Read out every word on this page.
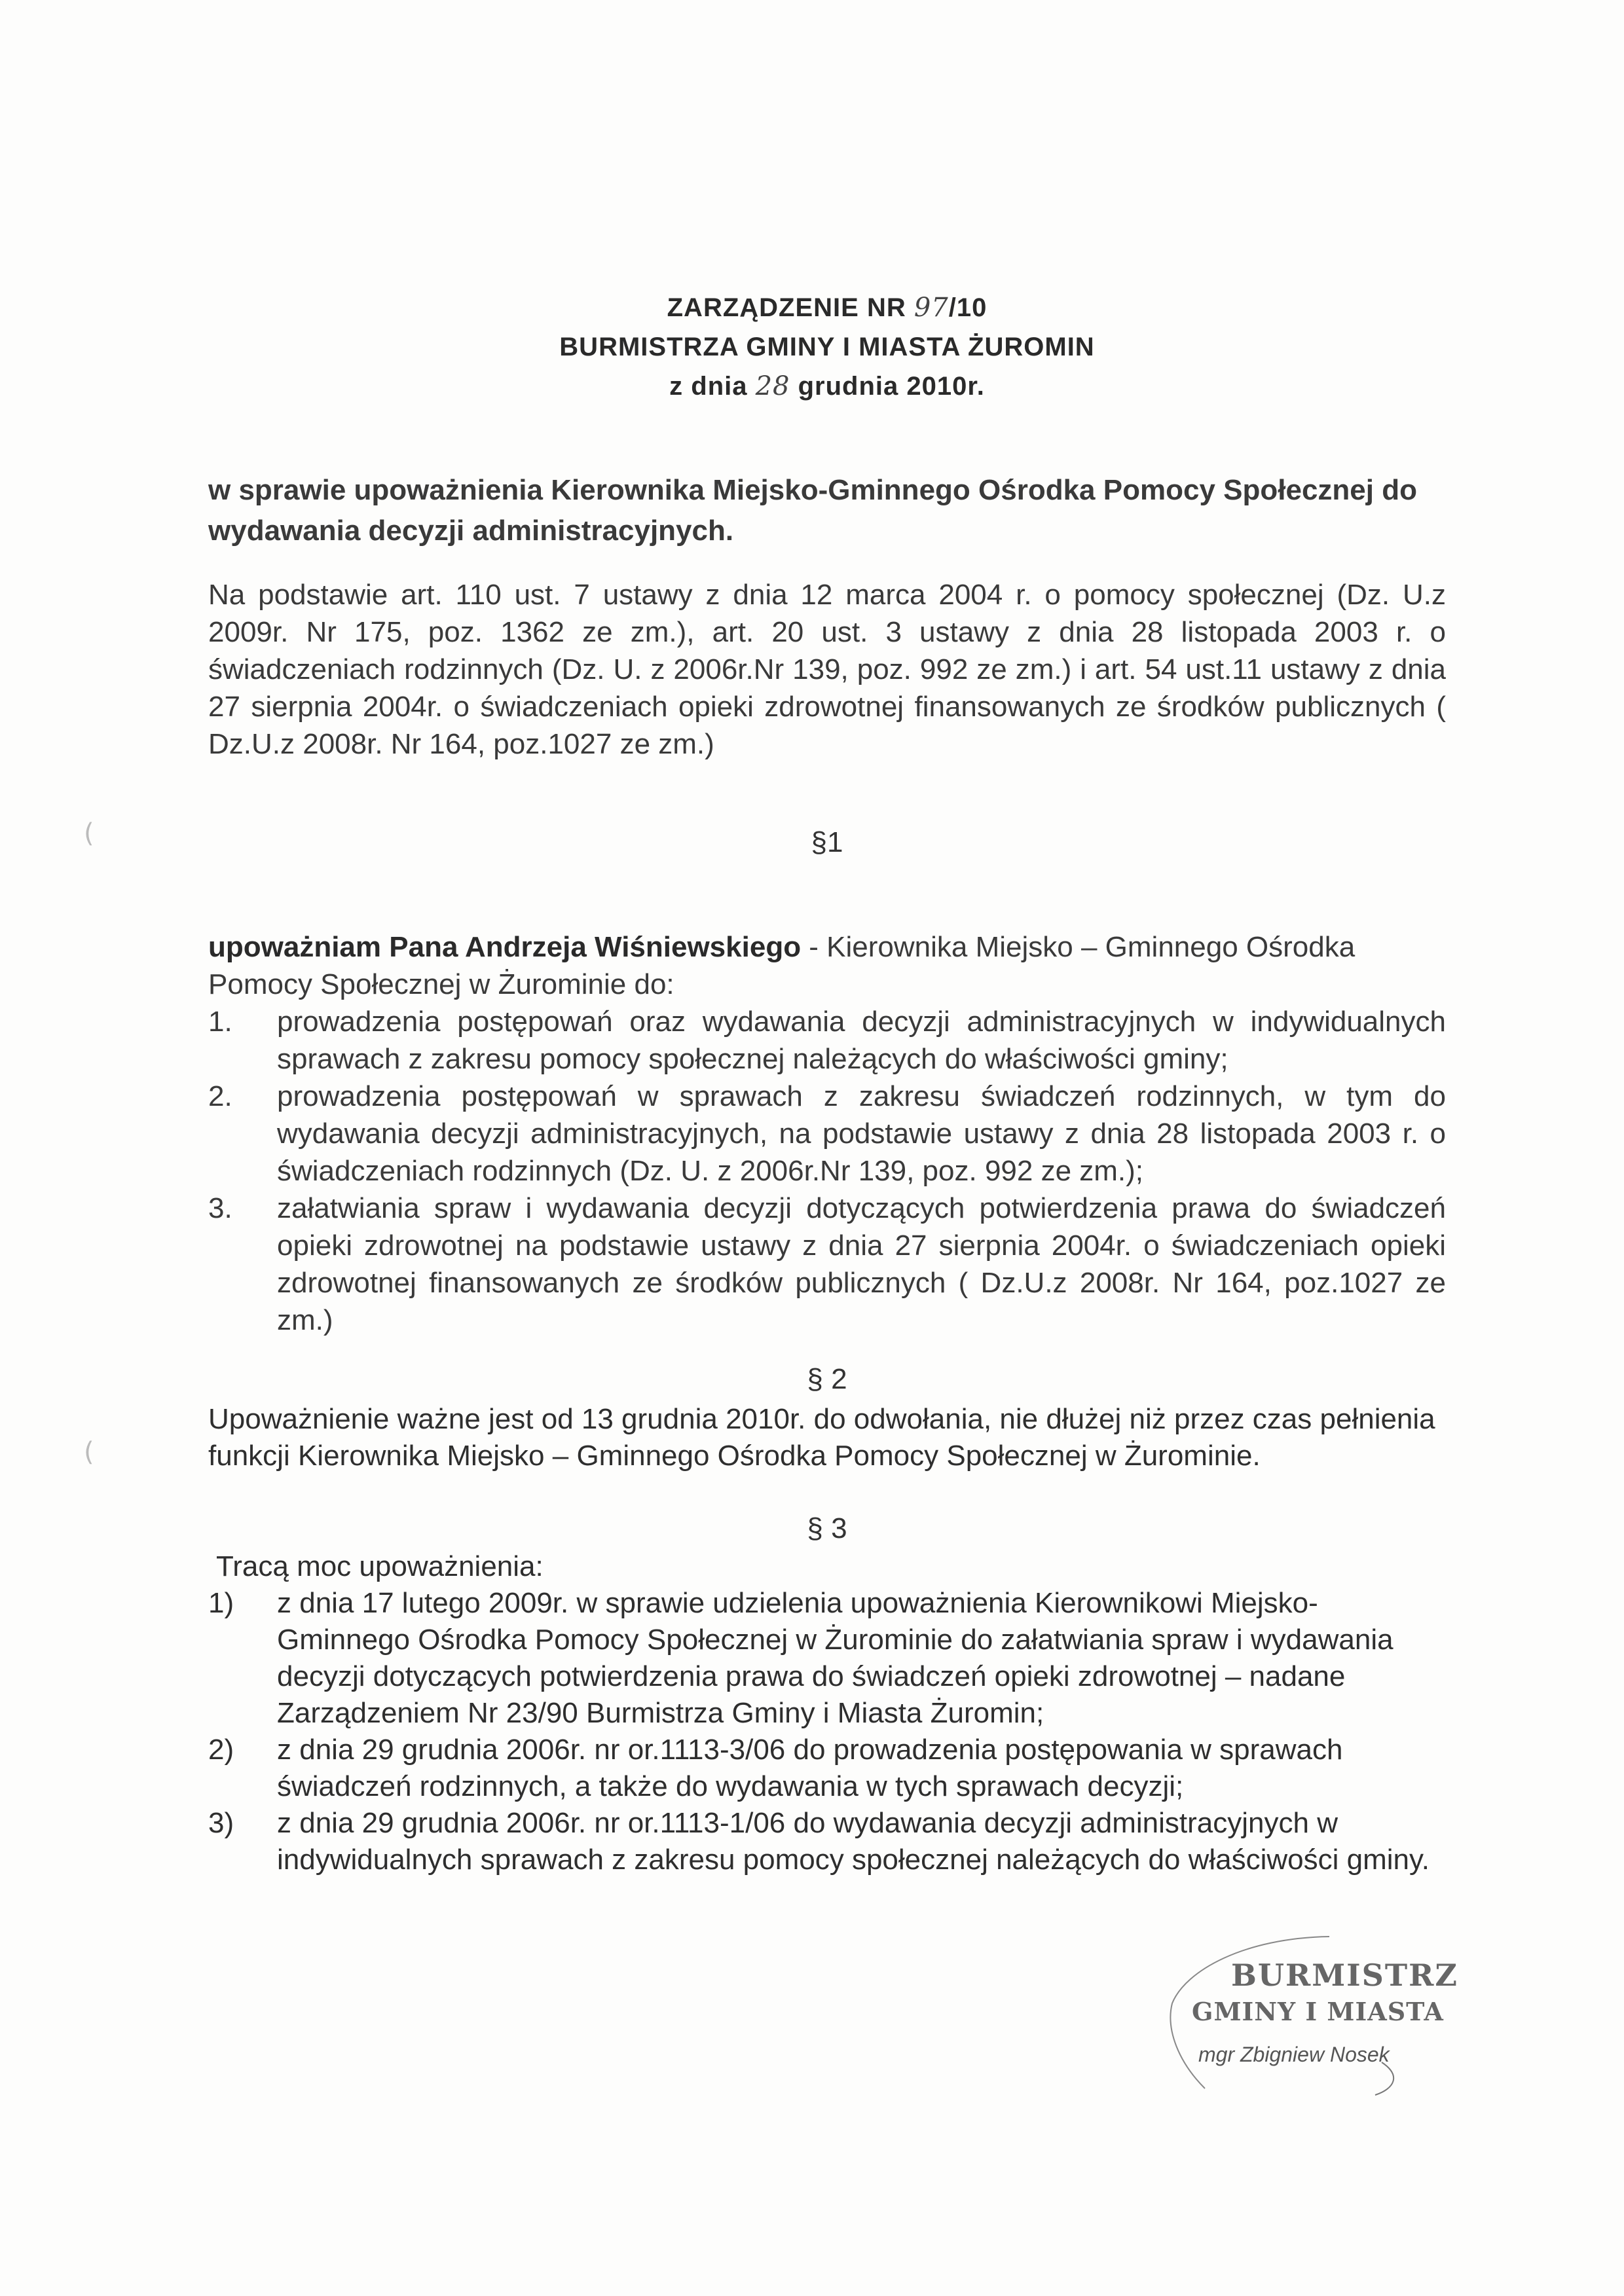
(
(
ZARZĄDZENIE NR 97/10
BURMISTRZA GMINY I MIASTA ŻUROMIN
z dnia 28 grudnia 2010r.
w sprawie upoważnienia Kierownika Miejsko-Gminnego Ośrodka Pomocy Społecznej do wydawania decyzji administracyjnych.
Na podstawie art. 110 ust. 7 ustawy z dnia 12 marca 2004 r. o pomocy społecznej (Dz. U.z 2009r. Nr 175, poz. 1362 ze zm.), art. 20 ust. 3 ustawy z dnia 28 listopada 2003 r. o świadczeniach rodzinnych (Dz. U. z 2006r.Nr 139, poz. 992 ze zm.) i art. 54 ust.11 ustawy z dnia 27 sierpnia 2004r. o świadczeniach opieki zdrowotnej finansowanych ze środków publicznych ( Dz.U.z 2008r. Nr 164, poz.1027 ze zm.)
§1
upoważniam Pana Andrzeja Wiśniewskiego - Kierownika Miejsko – Gminnego Ośrodka Pomocy Społecznej w Żurominie do:
1. prowadzenia postępowań oraz wydawania decyzji administracyjnych w indywidualnych sprawach z zakresu pomocy społecznej należących do właściwości gminy;
2. prowadzenia postępowań w sprawach z zakresu świadczeń rodzinnych, w tym do wydawania decyzji administracyjnych, na podstawie ustawy z dnia 28 listopada 2003 r. o świadczeniach rodzinnych (Dz. U. z 2006r.Nr 139, poz. 992 ze zm.);
3. załatwiania spraw i wydawania decyzji dotyczących potwierdzenia prawa do świadczeń opieki zdrowotnej na podstawie ustawy z dnia 27 sierpnia 2004r. o świadczeniach opieki zdrowotnej finansowanych ze środków publicznych ( Dz.U.z 2008r. Nr 164, poz.1027 ze zm.)
§ 2
Upoważnienie ważne jest od 13 grudnia 2010r. do odwołania, nie dłużej niż przez czas pełnienia funkcji Kierownika Miejsko – Gminnego Ośrodka Pomocy Społecznej w Żurominie.
§ 3
Tracą moc upoważnienia:
1) z dnia 17 lutego 2009r. w sprawie udzielenia upoważnienia Kierownikowi Miejsko-Gminnego Ośrodka Pomocy Społecznej w Żurominie do załatwiania spraw i wydawania decyzji dotyczących potwierdzenia prawa do świadczeń opieki zdrowotnej – nadane Zarządzeniem Nr 23/90 Burmistrza Gminy i Miasta Żuromin;
2) z dnia 29 grudnia 2006r. nr or.1113-3/06 do prowadzenia postępowania w sprawach świadczeń rodzinnych, a także do wydawania w tych sprawach decyzji;
3) z dnia 29 grudnia 2006r. nr or.1113-1/06 do wydawania decyzji administracyjnych w indywidualnych sprawach z zakresu pomocy społecznej należących do właściwości gminy.
BURMISTRZ
GMINY I MIASTA
mgr Zbigniew Nosek
